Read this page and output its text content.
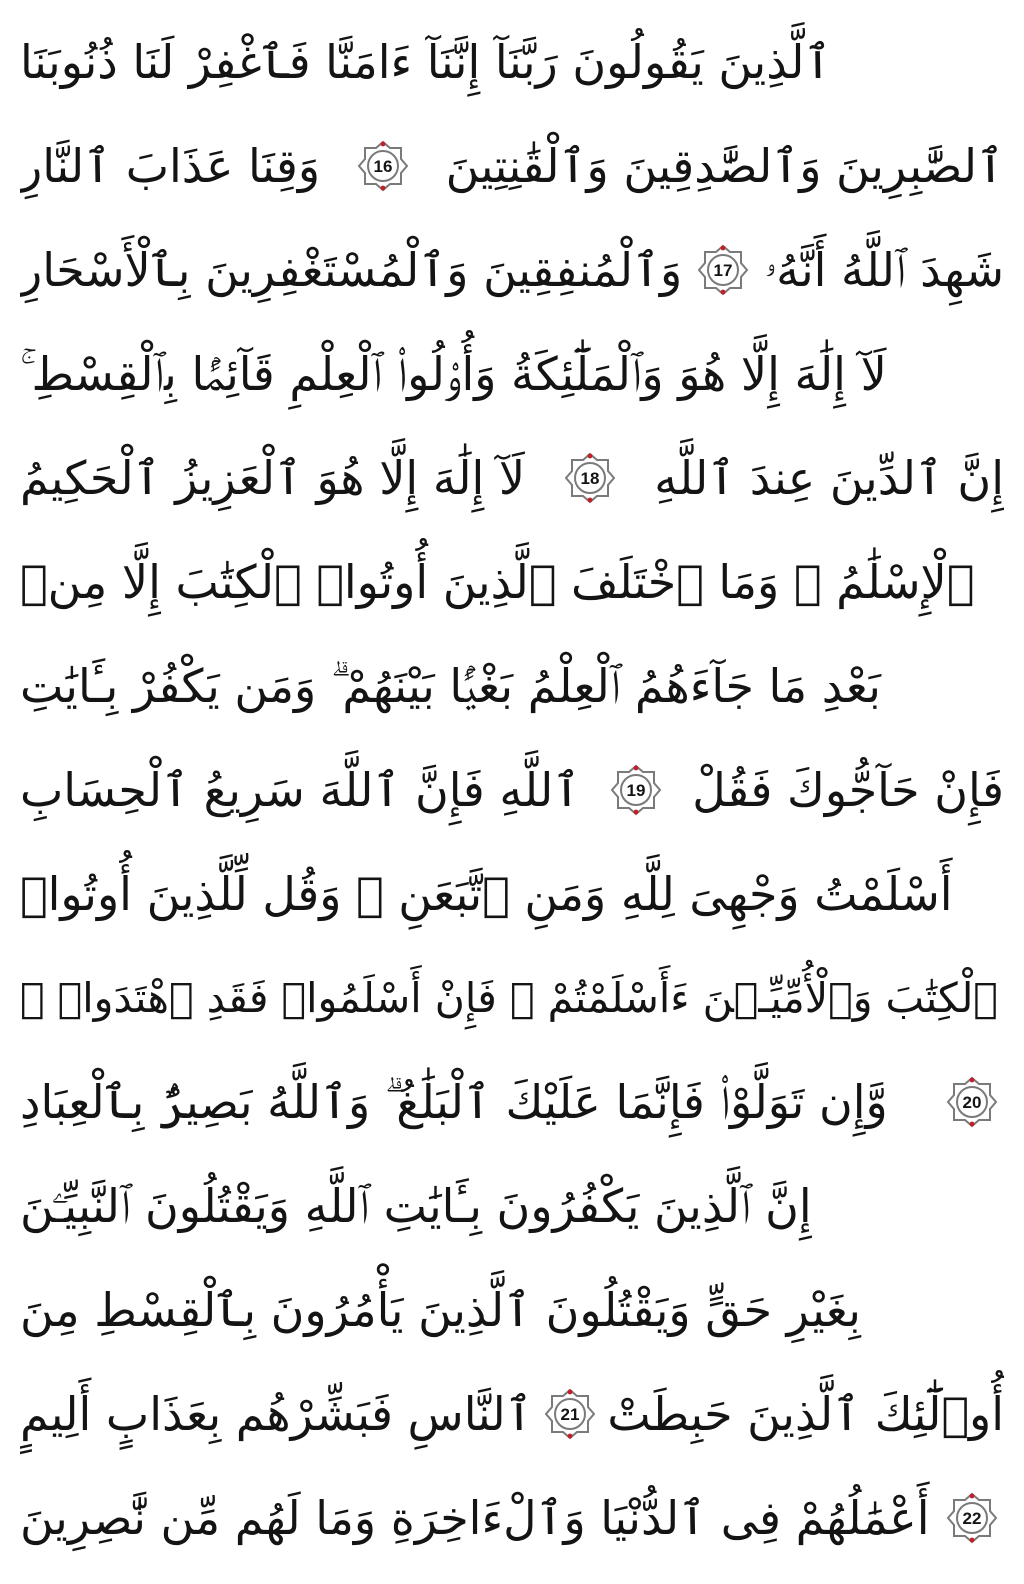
ٱلَّذِينَ يَقُولُونَ رَبَّنَآ إِنَّنَآ ءَامَنَّا فَٱغْفِرْ لَنَا ذُنُوبَنَا
وَقِنَا عَذَابَ ٱلنَّارِ	16 ٱلصَّٰبِرِينَ وَٱلصَّٰدِقِينَ وَٱلْقَٰنِتِينَ
وَٱلْمُنفِقِينَ وَٱلْمُسْتَغْفِرِينَ بِٱلْأَسْحَارِ 17 شَهِدَ ٱللَّهُ أَنَّهُۥ
لَآ إِلَٰهَ إِلَّا هُوَ وَٱلْمَلَٰٓئِكَةُ وَأُو۟لُوا۟ ٱلْعِلْمِ قَآئِمًۢا بِٱلْقِسْطِ ۚ
لَآ إِلَٰهَ إِلَّا هُوَ ٱلْعَزِيزُ ٱلْحَكِيمُ	18 إِنَّ ٱلدِّينَ عِندَ ٱللَّهِ
ٱلْإِسْلَٰمُ ۗ وَمَا ٱخْتَلَفَ ٱلَّذِينَ أُوتُوا۟ ٱلْكِتَٰبَ إِلَّا مِنۢ
بَعْدِ مَا جَآءَهُمُ ٱلْعِلْمُ بَغْيًۢا بَيْنَهُمْ ۗ وَمَن يَكْفُرْ بِـَٔايَٰتِ
ٱللَّهِ فَإِنَّ ٱللَّهَ سَرِيعُ ٱلْحِسَابِ	19 فَإِنْ حَآجُّوكَ فَقُلْ
أَسْلَمْتُ وَجْهِىَ لِلَّهِ وَمَنِ ٱتَّبَعَنِ ۗ وَقُل لِّلَّذِينَ أُوتُوا۟
ٱلْكِتَٰبَ وَٱلْأُمِّيِّـۧنَ ءَأَسْلَمْتُمْ ۚ فَإِنْ أَسْلَمُوا۟ فَقَدِ ٱهْتَدَوا۟ ۖ
وَّإِن تَوَلَّوْا۟ فَإِنَّمَا عَلَيْكَ ٱلْبَلَٰغُ ۗ وَٱللَّهُ بَصِيرٌۢ بِٱلْعِبَادِ	20
إِنَّ ٱلَّذِينَ يَكْفُرُونَ بِـَٔايَٰتِ ٱللَّهِ وَيَقْتُلُونَ ٱلنَّبِيِّـۧنَ
بِغَيْرِ حَقٍّ وَيَقْتُلُونَ ٱلَّذِينَ يَأْمُرُونَ بِٱلْقِسْطِ مِنَ
ٱلنَّاسِ فَبَشِّرْهُم بِعَذَابٍ أَلِيمٍ 21 أُو۟لَٰٓئِكَ ٱلَّذِينَ حَبِطَتْ
أَعْمَٰلُهُمْ فِى ٱلدُّنْيَا وَٱلْءَاخِرَةِ وَمَا لَهُم مِّن نَّٰصِرِينَ 22
